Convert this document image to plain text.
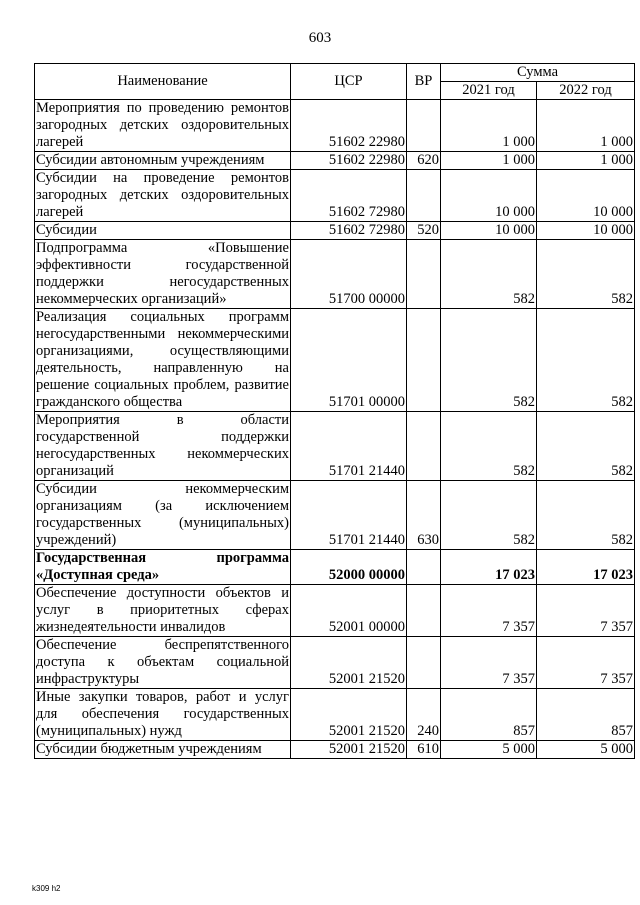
603
Наименование	ЦСР	ВР	Сумма	
			2021 год	2022 год
Мероприятия по проведению ремонтов загородных детских оздоровительных лагерей	51602 22980		1 000	1 000
Субсидии автономным учреждениям	51602 22980	620	1 000	1 000
Субсидии на проведение ремонтов загородных детских оздоровительных лагерей	51602 72980		10 000	10 000
Субсидии	51602 72980	520	10 000	10 000
Подпрограмма «Повышение эффективности государственной поддержки негосударственных некоммерческих организаций»	51700 00000		582	582
Реализация социальных программ негосударственными некоммерческими организациями, осуществляющими деятельность, направленную на решение социальных проблем, развитие гражданского общества	51701 00000		582	582
Мероприятия в области государственной поддержки негосударственных некоммерческих организаций	51701 21440		582	582
Субсидии некоммерческим организациям (за исключением государственных (муниципальных) учреждений)	51701 21440	630	582	582
Государственная программа «Доступная среда»	52000 00000		17 023	17 023
Обеспечение доступности объектов и услуг в приоритетных сферах жизнедеятельности инвалидов	52001 00000		7 357	7 357
Обеспечение беспрепятственного доступа к объектам социальной инфраструктуры	52001 21520		7 357	7 357
Иные закупки товаров, работ и услуг для обеспечения государственных (муниципальных) нужд	52001 21520	240	857	857
Субсидии бюджетным учреждениям	52001 21520	610	5 000	5 000
k309 h2
